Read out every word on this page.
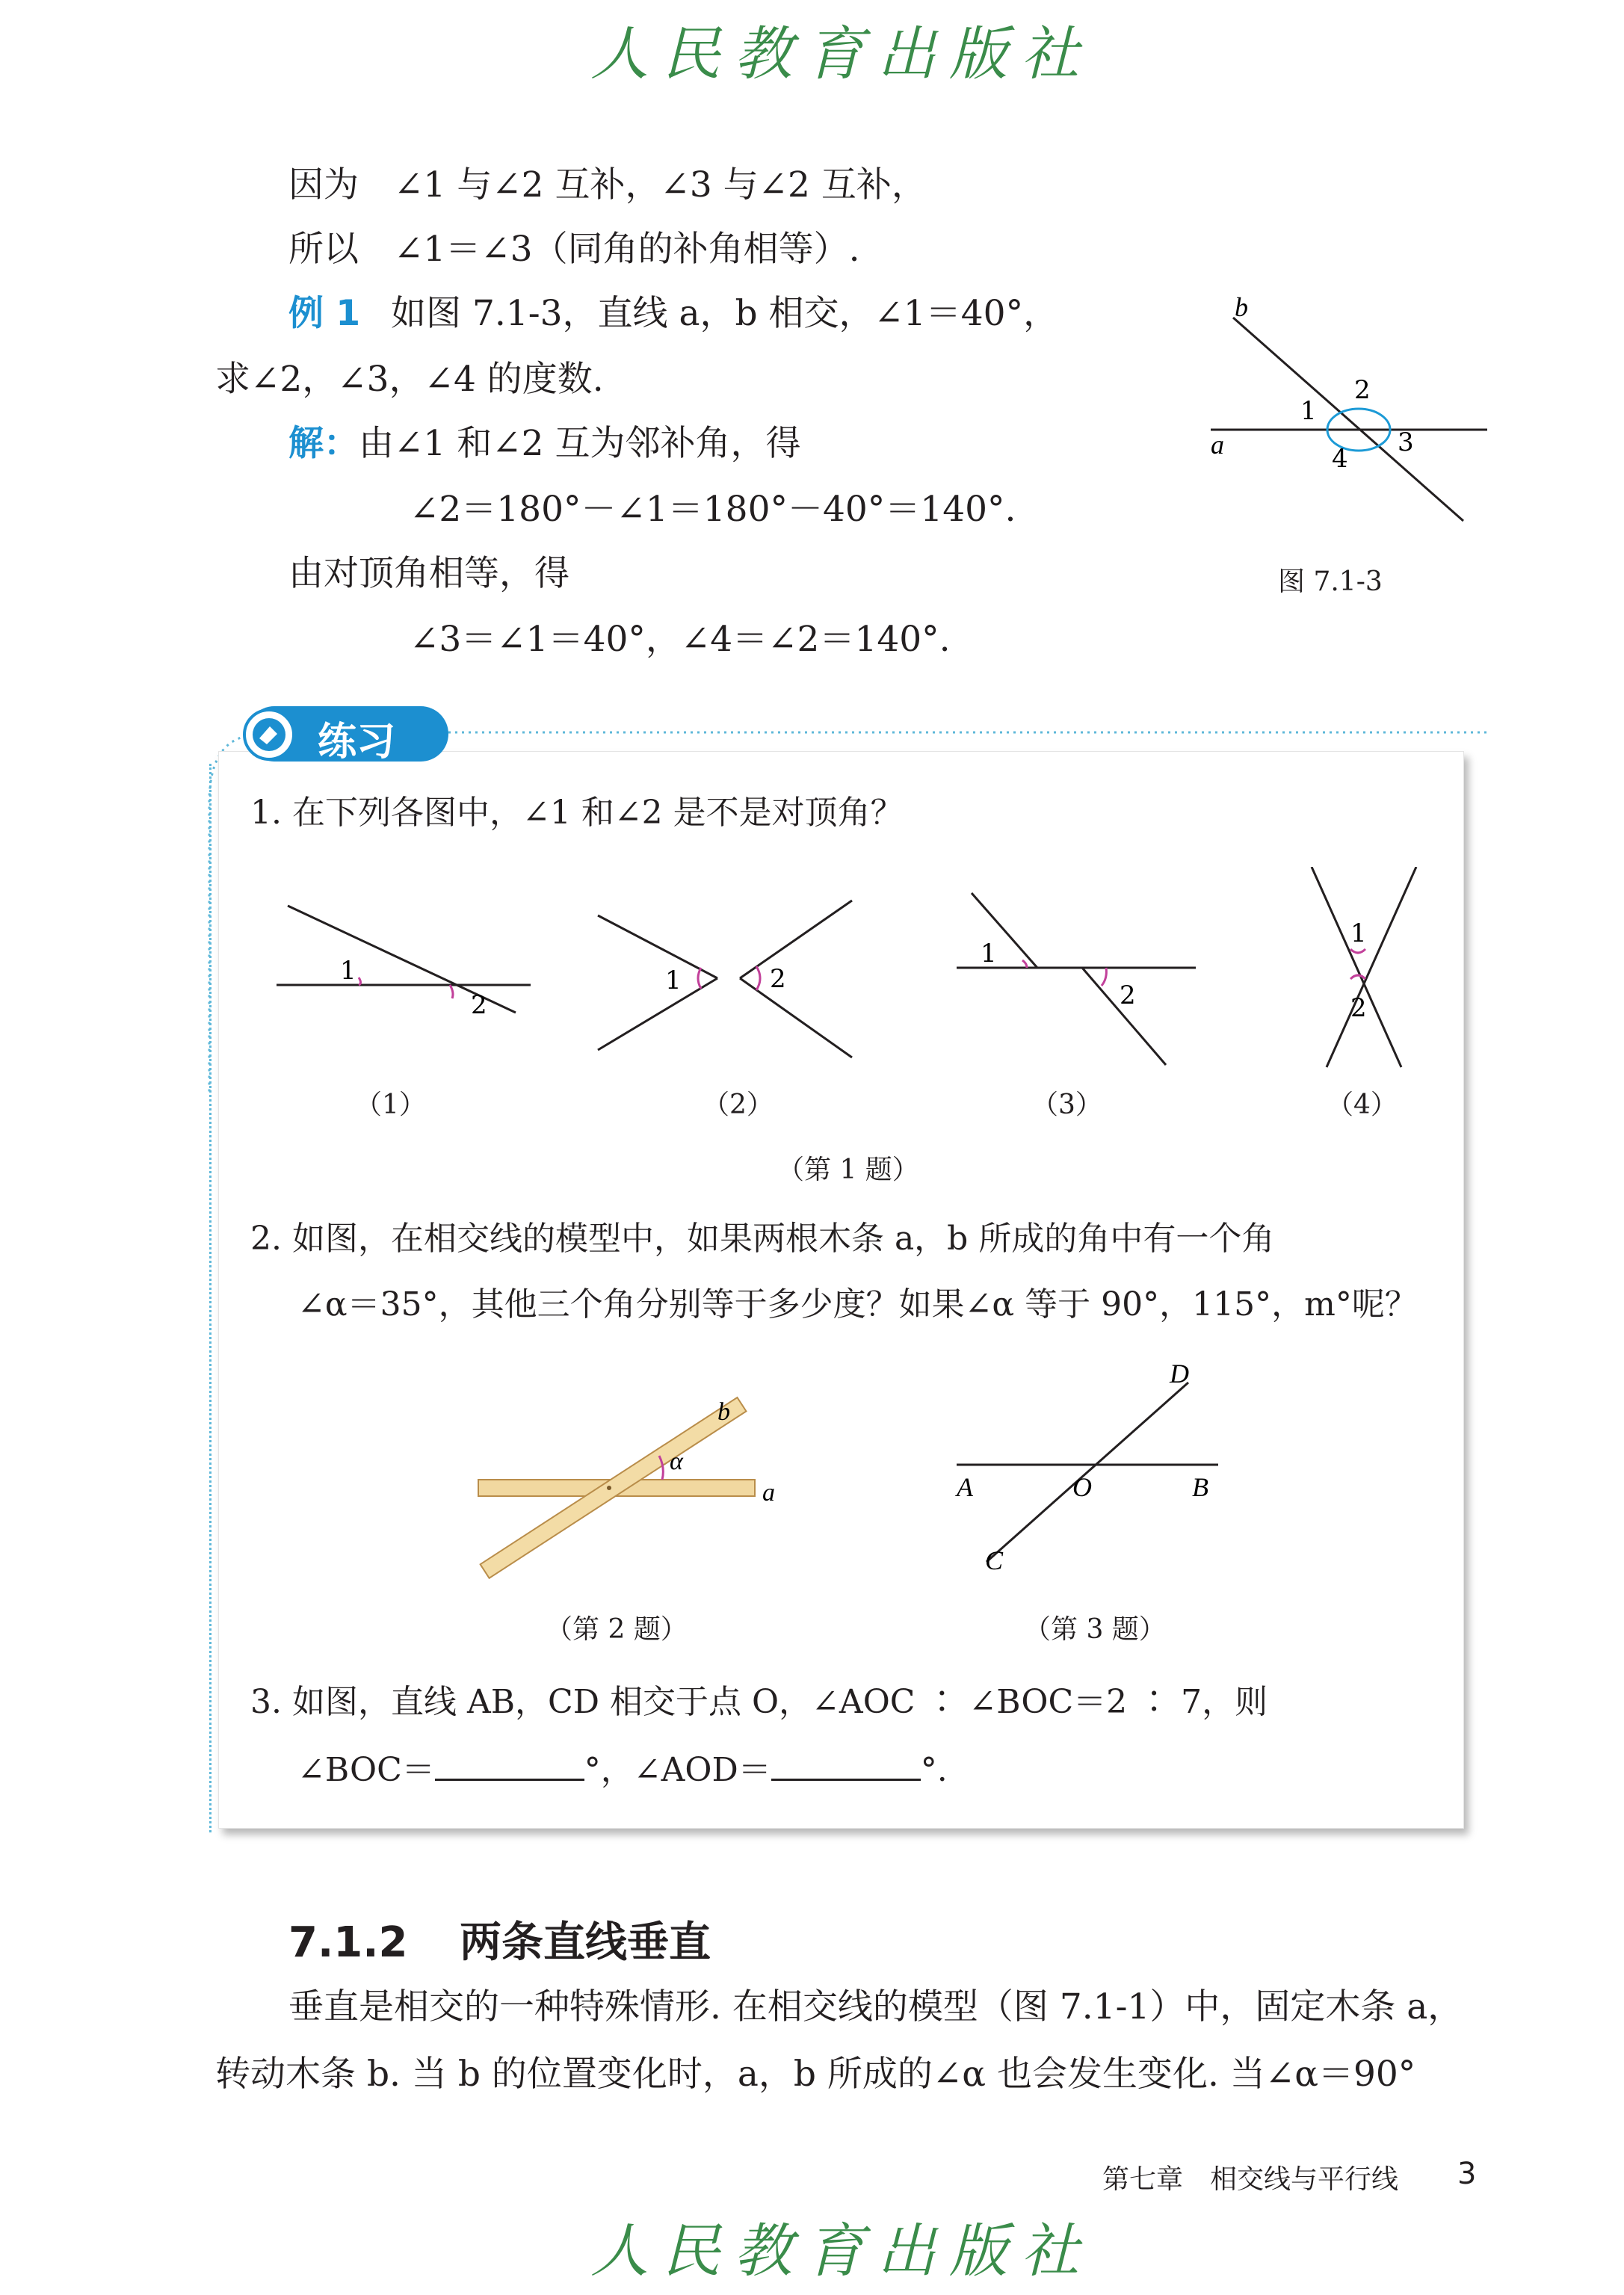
人民教育出版社
因为　∠1 与∠2 互补，∠3 与∠2 互补，
所以　∠1＝∠3（同角的补角相等）.
例 1 如图 7.1-3，直线 a，b 相交，∠1＝40°，
求∠2，∠3，∠4 的度数.
解：由∠1 和∠2 互为邻补角，得
∠2＝180°－∠1＝180°－40°＝140°.
由对顶角相等，得
∠3＝∠1＝40°，∠4＝∠2＝140°.
b
a
1
2
3
4
图 7.1-3
练习
1. 在下列各图中，∠1 和∠2 是不是对顶角？
1
2
1	2
1
2
1
2
（1）	（2）	（3）	（4）
（第 1 题）
2. 如图，在相交线的模型中，如果两根木条 a，b 所成的角中有一个角
∠α＝35°，其他三个角分别等于多少度？如果∠α 等于 90°，115°，m°呢？
b
a
α
（第 2 题）
D
A	O	B
C
（第 3 题）
3. 如图，直线 AB，CD 相交于点 O，∠AOC ∶ ∠BOC＝2 ∶ 7，则
∠BOC＝	°，∠AOD＝	°.
7.1.2 两条直线垂直
垂直是相交的一种特殊情形. 在相交线的模型（图 7.1-1）中，固定木条 a，
转动木条 b. 当 b 的位置变化时，a，b 所成的∠α 也会发生变化. 当∠α＝90°
第七章　相交线与平行线 3
人民教育出版社
